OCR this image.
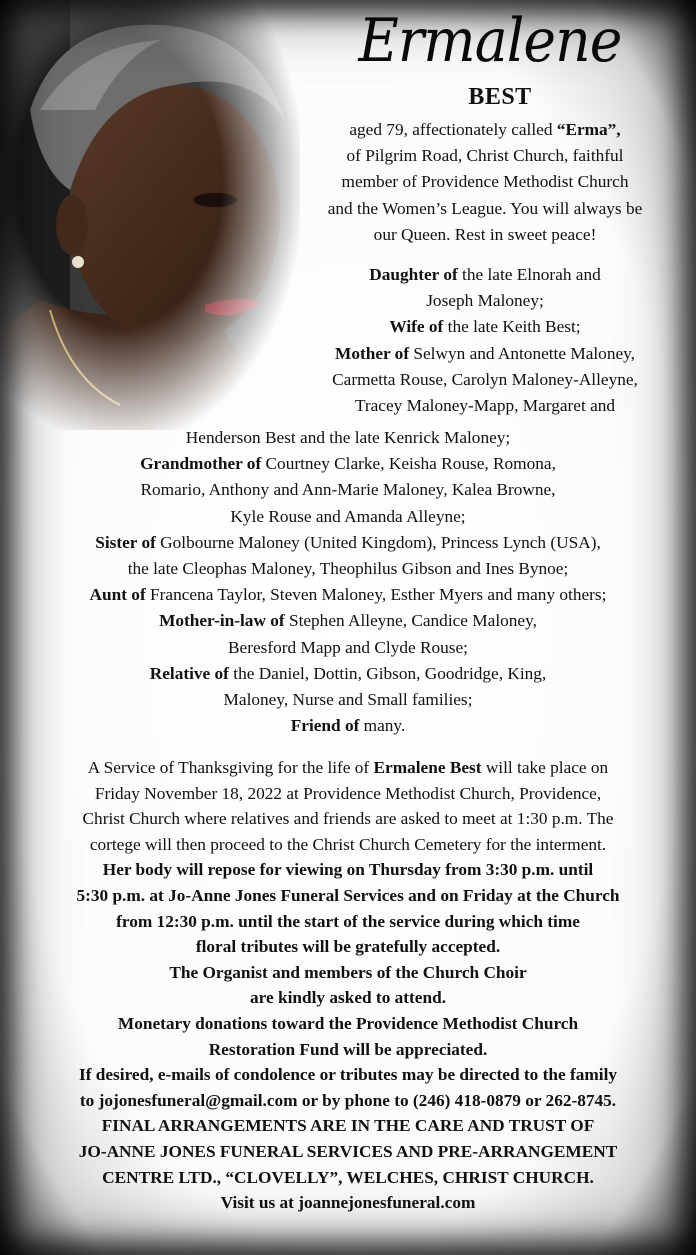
Ermalene
BEST
aged 79, affectionately called “Erma”,
of Pilgrim Road, Christ Church, faithful
member of Providence Methodist Church
and the Women’s League. You will always be
our Queen. Rest in sweet peace!
Daughter of the late Elnorah and
Joseph Maloney;
Wife of the late Keith Best;
Mother of Selwyn and Antonette Maloney,
Carmetta Rouse, Carolyn Maloney-Alleyne,
Tracey Maloney-Mapp, Margaret and
Henderson Best and the late Kenrick Maloney;
Grandmother of Courtney Clarke, Keisha Rouse, Romona,
Romario, Anthony and Ann-Marie Maloney, Kalea Browne,
Kyle Rouse and Amanda Alleyne;
Sister of Golbourne Maloney (United Kingdom), Princess Lynch (USA),
the late Cleophas Maloney, Theophilus Gibson and Ines Bynoe;
Aunt of Francena Taylor, Steven Maloney, Esther Myers and many others;
Mother-in-law of Stephen Alleyne, Candice Maloney,
Beresford Mapp and Clyde Rouse;
Relative of the Daniel, Dottin, Gibson, Goodridge, King,
Maloney, Nurse and Small families;
Friend of many.
A Service of Thanksgiving for the life of Ermalene Best will take place on
Friday November 18, 2022 at Providence Methodist Church, Providence,
Christ Church where relatives and friends are asked to meet at 1:30 p.m. The
cortege will then proceed to the Christ Church Cemetery for the interment.
Her body will repose for viewing on Thursday from 3:30 p.m. until
5:30 p.m. at Jo-Anne Jones Funeral Services and on Friday at the Church
from 12:30 p.m. until the start of the service during which time
floral tributes will be gratefully accepted.
The Organist and members of the Church Choir
are kindly asked to attend.
Monetary donations toward the Providence Methodist Church
Restoration Fund will be appreciated.
If desired, e-mails of condolence or tributes may be directed to the family
to jojonesfuneral@gmail.com or by phone to (246) 418-0879 or 262-8745.
FINAL ARRANGEMENTS ARE IN THE CARE AND TRUST OF
JO-ANNE JONES FUNERAL SERVICES AND PRE-ARRANGEMENT
CENTRE LTD., “CLOVELLY”, WELCHES, CHRIST CHURCH.
Visit us at joannejonesfuneral.com
